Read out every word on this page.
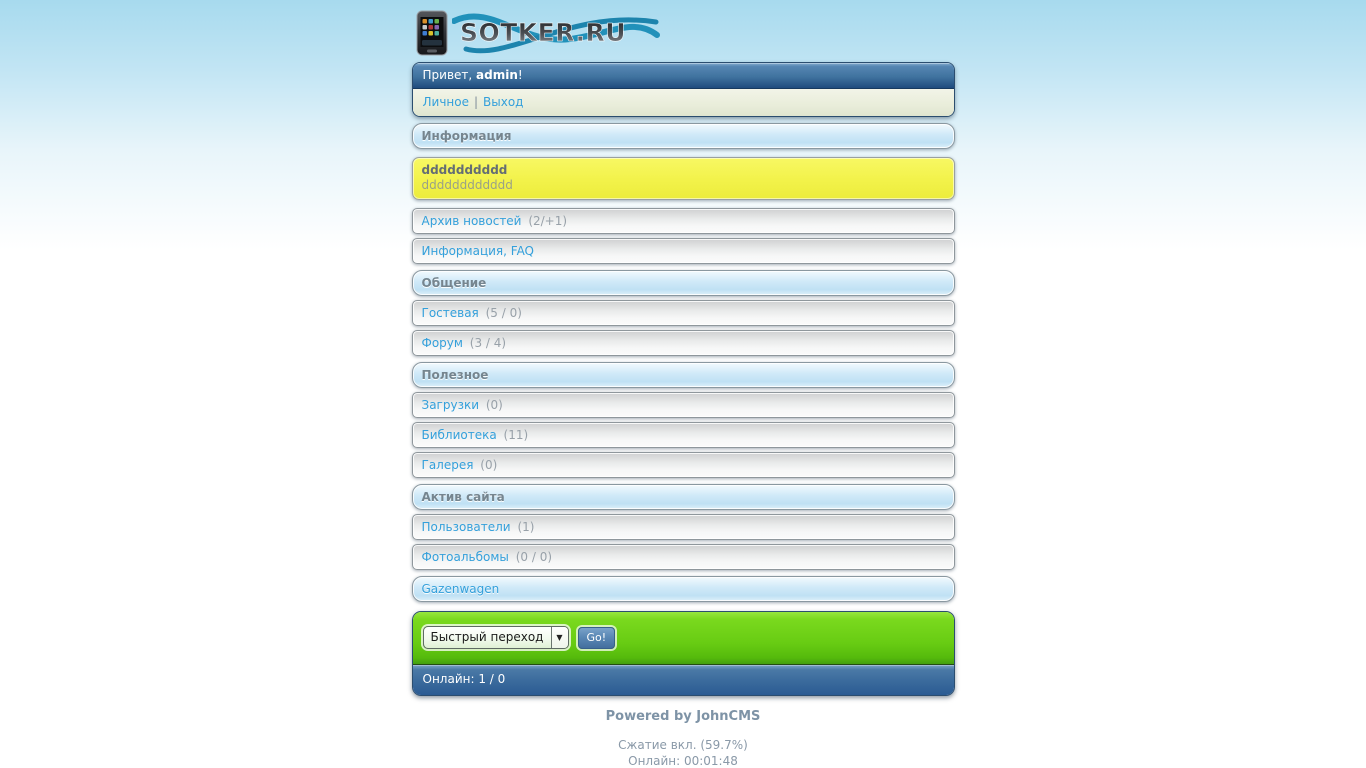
SOTKER.RU
Привет, admin!
Личное | Выход
Информация
dddddddddd
dddddddddddd
Архив новостей (2/+1)
Информация, FAQ
Общение
Гостевая (5 / 0)
Форум (3 / 4)
Полезное
Загрузки (0)
Библиотека (11)
Галерея (0)
Актив сайта
Пользователи (1)
Фотоальбомы (0 / 0)
Gazenwagen
Быстрый переход
▼	Go!
Онлайн: 1 / 0
Powered by JohnCMS
Сжатие вкл. (59.7%)
Онлайн: 00:01:48
